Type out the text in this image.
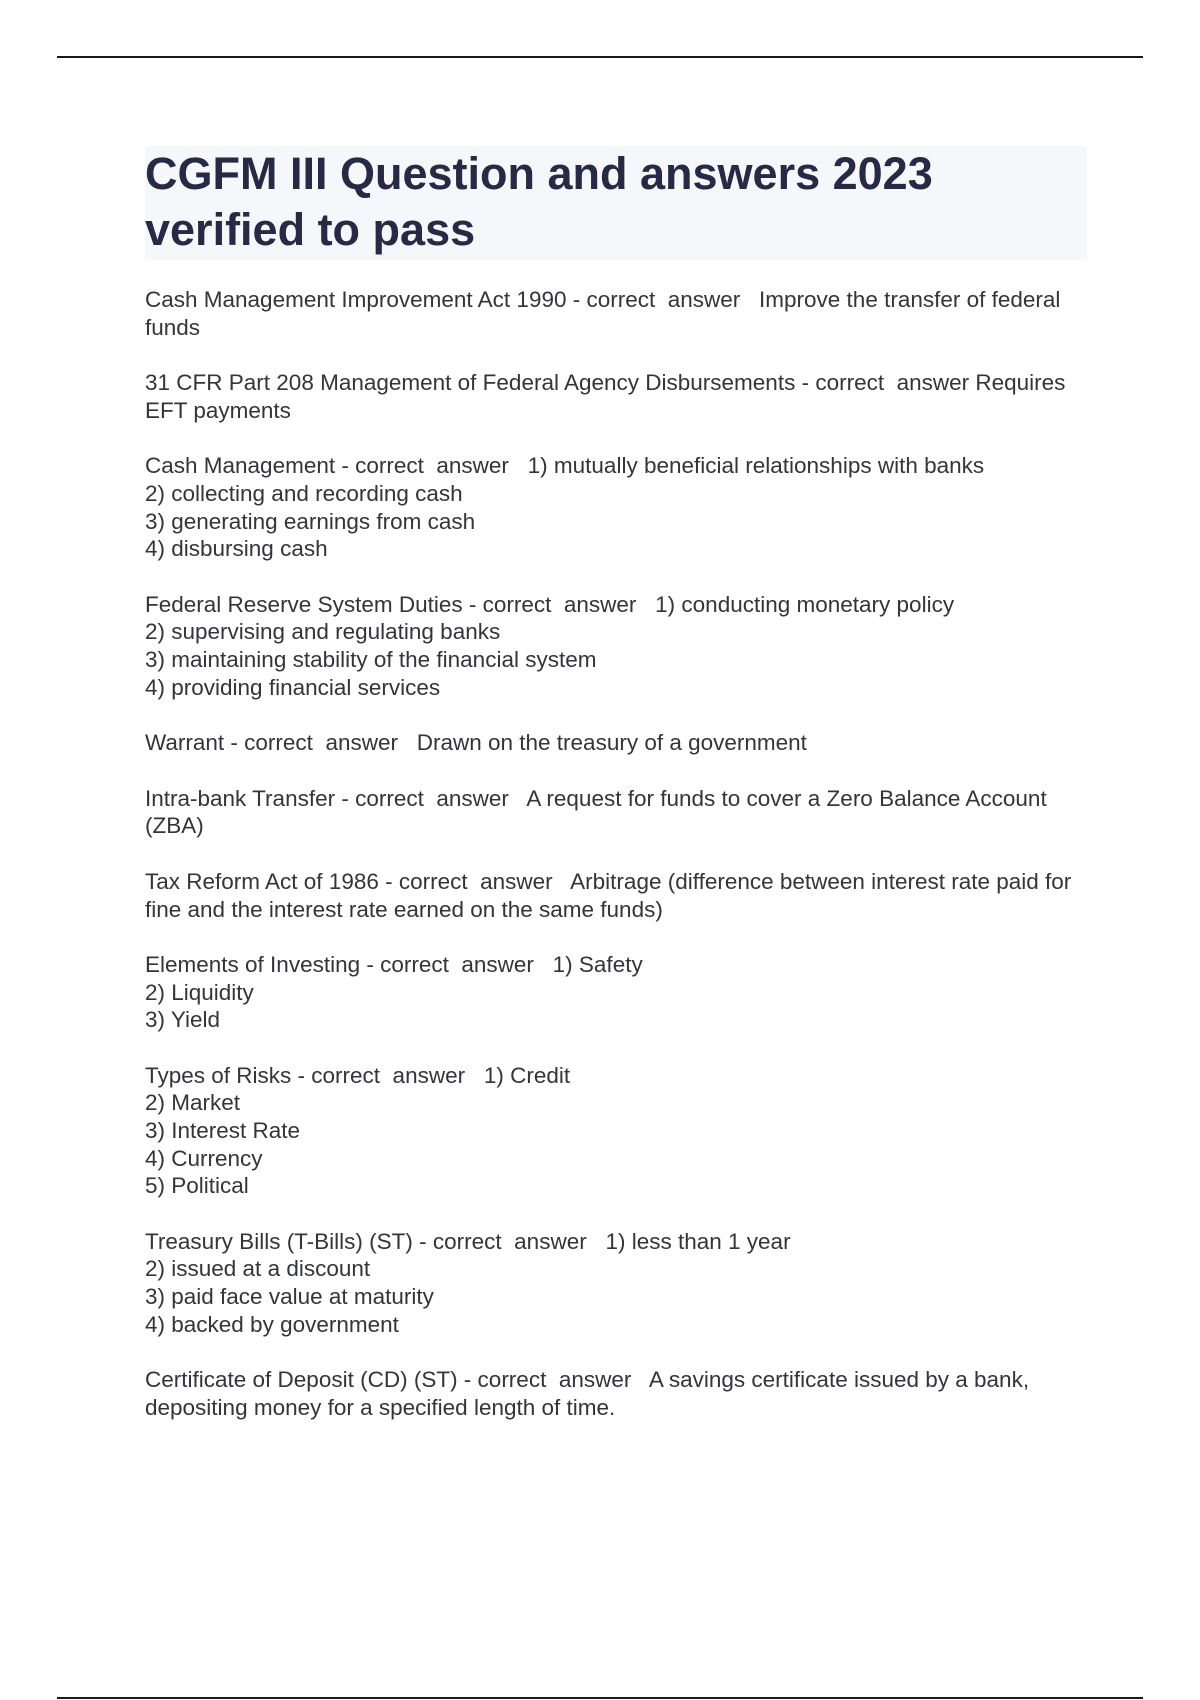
CGFM III Question and answers 2023 verified to pass

Cash Management Improvement Act 1990 - correct  answer   Improve the transfer of federal funds

31 CFR Part 208 Management of Federal Agency Disbursements - correct  answer Requires EFT payments

Cash Management - correct  answer   1) mutually beneficial relationships with banks
2) collecting and recording cash
3) generating earnings from cash
4) disbursing cash

Federal Reserve System Duties - correct  answer   1) conducting monetary policy
2) supervising and regulating banks
3) maintaining stability of the financial system
4) providing financial services

Warrant - correct  answer   Drawn on the treasury of a government

Intra-bank Transfer - correct  answer   A request for funds to cover a Zero Balance Account (ZBA)

Tax Reform Act of 1986 - correct  answer   Arbitrage (difference between interest rate paid for fine and the interest rate earned on the same funds)

Elements of Investing - correct  answer   1) Safety
2) Liquidity
3) Yield

Types of Risks - correct  answer   1) Credit
2) Market
3) Interest Rate
4) Currency
5) Political

Treasury Bills (T-Bills) (ST) - correct  answer   1) less than 1 year
2) issued at a discount
3) paid face value at maturity
4) backed by government

Certificate of Deposit (CD) (ST) - correct  answer   A savings certificate issued by a bank, depositing money for a specified length of time.
